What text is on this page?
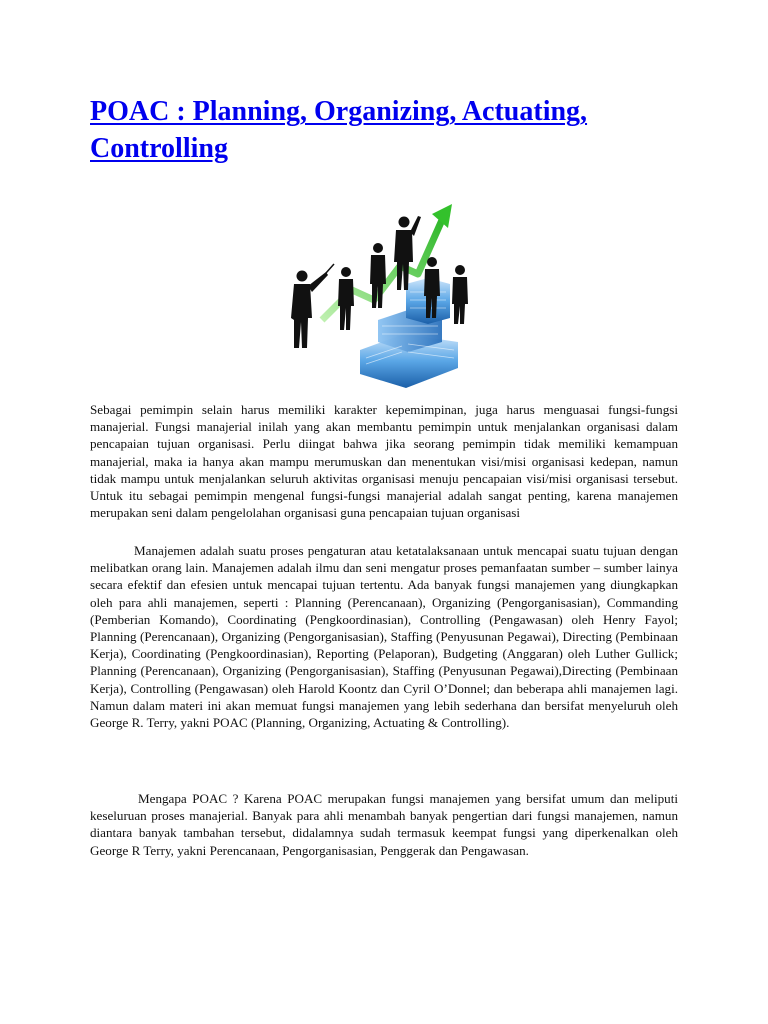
POAC : Planning, Organizing, Actuating, Controlling

Sebagai pemimpin selain harus memiliki karakter kepemimpinan, juga harus menguasai fungsi-fungsi manajerial. Fungsi manajerial inilah yang akan membantu pemimpin untuk menjalankan organisasi dalam pencapaian tujuan organisasi. Perlu diingat bahwa jika seorang pemimpin tidak memiliki kemampuan manajerial, maka ia hanya akan mampu merumuskan dan menentukan visi/misi organisasi kedepan, namun tidak mampu untuk menjalankan seluruh aktivitas organisasi menuju pencapaian visi/misi organisasi tersebut. Untuk itu sebagai pemimpin mengenal fungsi-fungsi manajerial adalah sangat penting, karena manajemen merupakan seni dalam pengelolahan organisasi guna pencapaian tujuan organisasi

Manajemen adalah suatu proses pengaturan atau ketatalaksanaan untuk mencapai suatu tujuan dengan melibatkan orang lain. Manajemen adalah ilmu dan seni mengatur proses pemanfaatan sumber – sumber lainya secara efektif dan efesien untuk mencapai tujuan tertentu. Ada banyak fungsi manajemen yang diungkapkan oleh para ahli manajemen, seperti : Planning (Perencanaan), Organizing (Pengorganisasian), Commanding (Pemberian Komando), Coordinating (Pengkoordinasian), Controlling (Pengawasan) oleh Henry Fayol; Planning (Perencanaan), Organizing (Pengorganisasian), Staffing (Penyusunan Pegawai), Directing (Pembinaan Kerja), Coordinating (Pengkoordinasian), Reporting (Pelaporan), Budgeting (Anggaran) oleh Luther Gullick; Planning (Perencanaan), Organizing (Pengorganisasian), Staffing (Penyusunan Pegawai),Directing (Pembinaan Kerja), Controlling (Pengawasan) oleh Harold Koontz dan Cyril O’Donnel; dan beberapa ahli manajemen lagi. Namun dalam materi ini akan memuat fungsi manajemen yang lebih sederhana dan bersifat menyeluruh oleh George R. Terry, yakni POAC (Planning, Organizing, Actuating & Controlling).

Mengapa POAC ? Karena POAC merupakan fungsi manajemen yang bersifat umum dan meliputi keseluruan proses manajerial. Banyak para ahli menambah banyak pengertian dari fungsi manajemen, namun diantara banyak tambahan tersebut, didalamnya sudah termasuk keempat fungsi yang diperkenalkan oleh George R Terry, yakni Perencanaan, Pengorganisasian, Penggerak dan Pengawasan.
